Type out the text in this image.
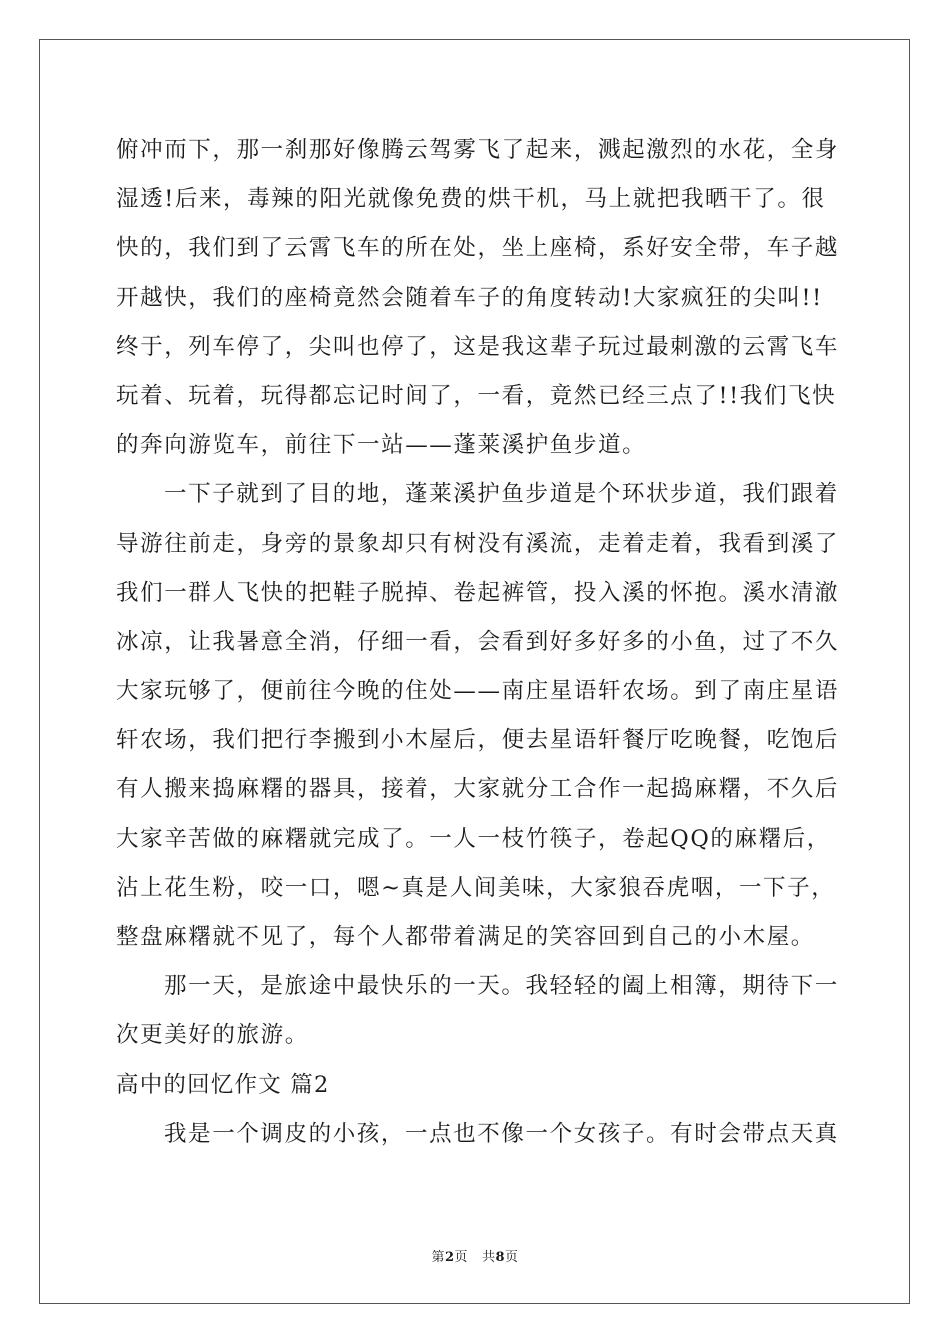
俯冲而下，那一刹那好像腾云驾雾飞了起来，溅起激烈的水花，全身
湿透!后来，毒辣的阳光就像免费的烘干机，马上就把我晒干了。很
快的，我们到了云霄飞车的所在处，坐上座椅，系好安全带，车子越
开越快，我们的座椅竟然会随着车子的角度转动!大家疯狂的尖叫!!
终于，列车停了，尖叫也停了，这是我这辈子玩过最刺激的云霄飞车
玩着、玩着，玩得都忘记时间了，一看，竟然已经三点了!!我们飞快
的奔向游览车，前往下一站——蓬莱溪护鱼步道。
一下子就到了目的地，蓬莱溪护鱼步道是个环状步道，我们跟着
导游往前走，身旁的景象却只有树没有溪流，走着走着，我看到溪了
我们一群人飞快的把鞋子脱掉、卷起裤管，投入溪的怀抱。溪水清澈
冰凉，让我暑意全消，仔细一看，会看到好多好多的小鱼，过了不久
大家玩够了，便前往今晚的住处——南庄星语轩农场。到了南庄星语
轩农场，我们把行李搬到小木屋后，便去星语轩餐厅吃晚餐，吃饱后
有人搬来捣麻糬的器具，接着，大家就分工合作一起捣麻糬，不久后
大家辛苦做的麻糬就完成了。一人一枝竹筷子，卷起QQ的麻糬后，
沾上花生粉，咬一口，嗯~真是人间美味，大家狼吞虎咽，一下子，
整盘麻糬就不见了，每个人都带着满足的笑容回到自己的小木屋。
那一天，是旅途中最快乐的一天。我轻轻的阖上相簿，期待下一
次更美好的旅游。
高中的回忆作文 篇2
我是一个调皮的小孩，一点也不像一个女孩子。有时会带点天真
第2页 共8页
